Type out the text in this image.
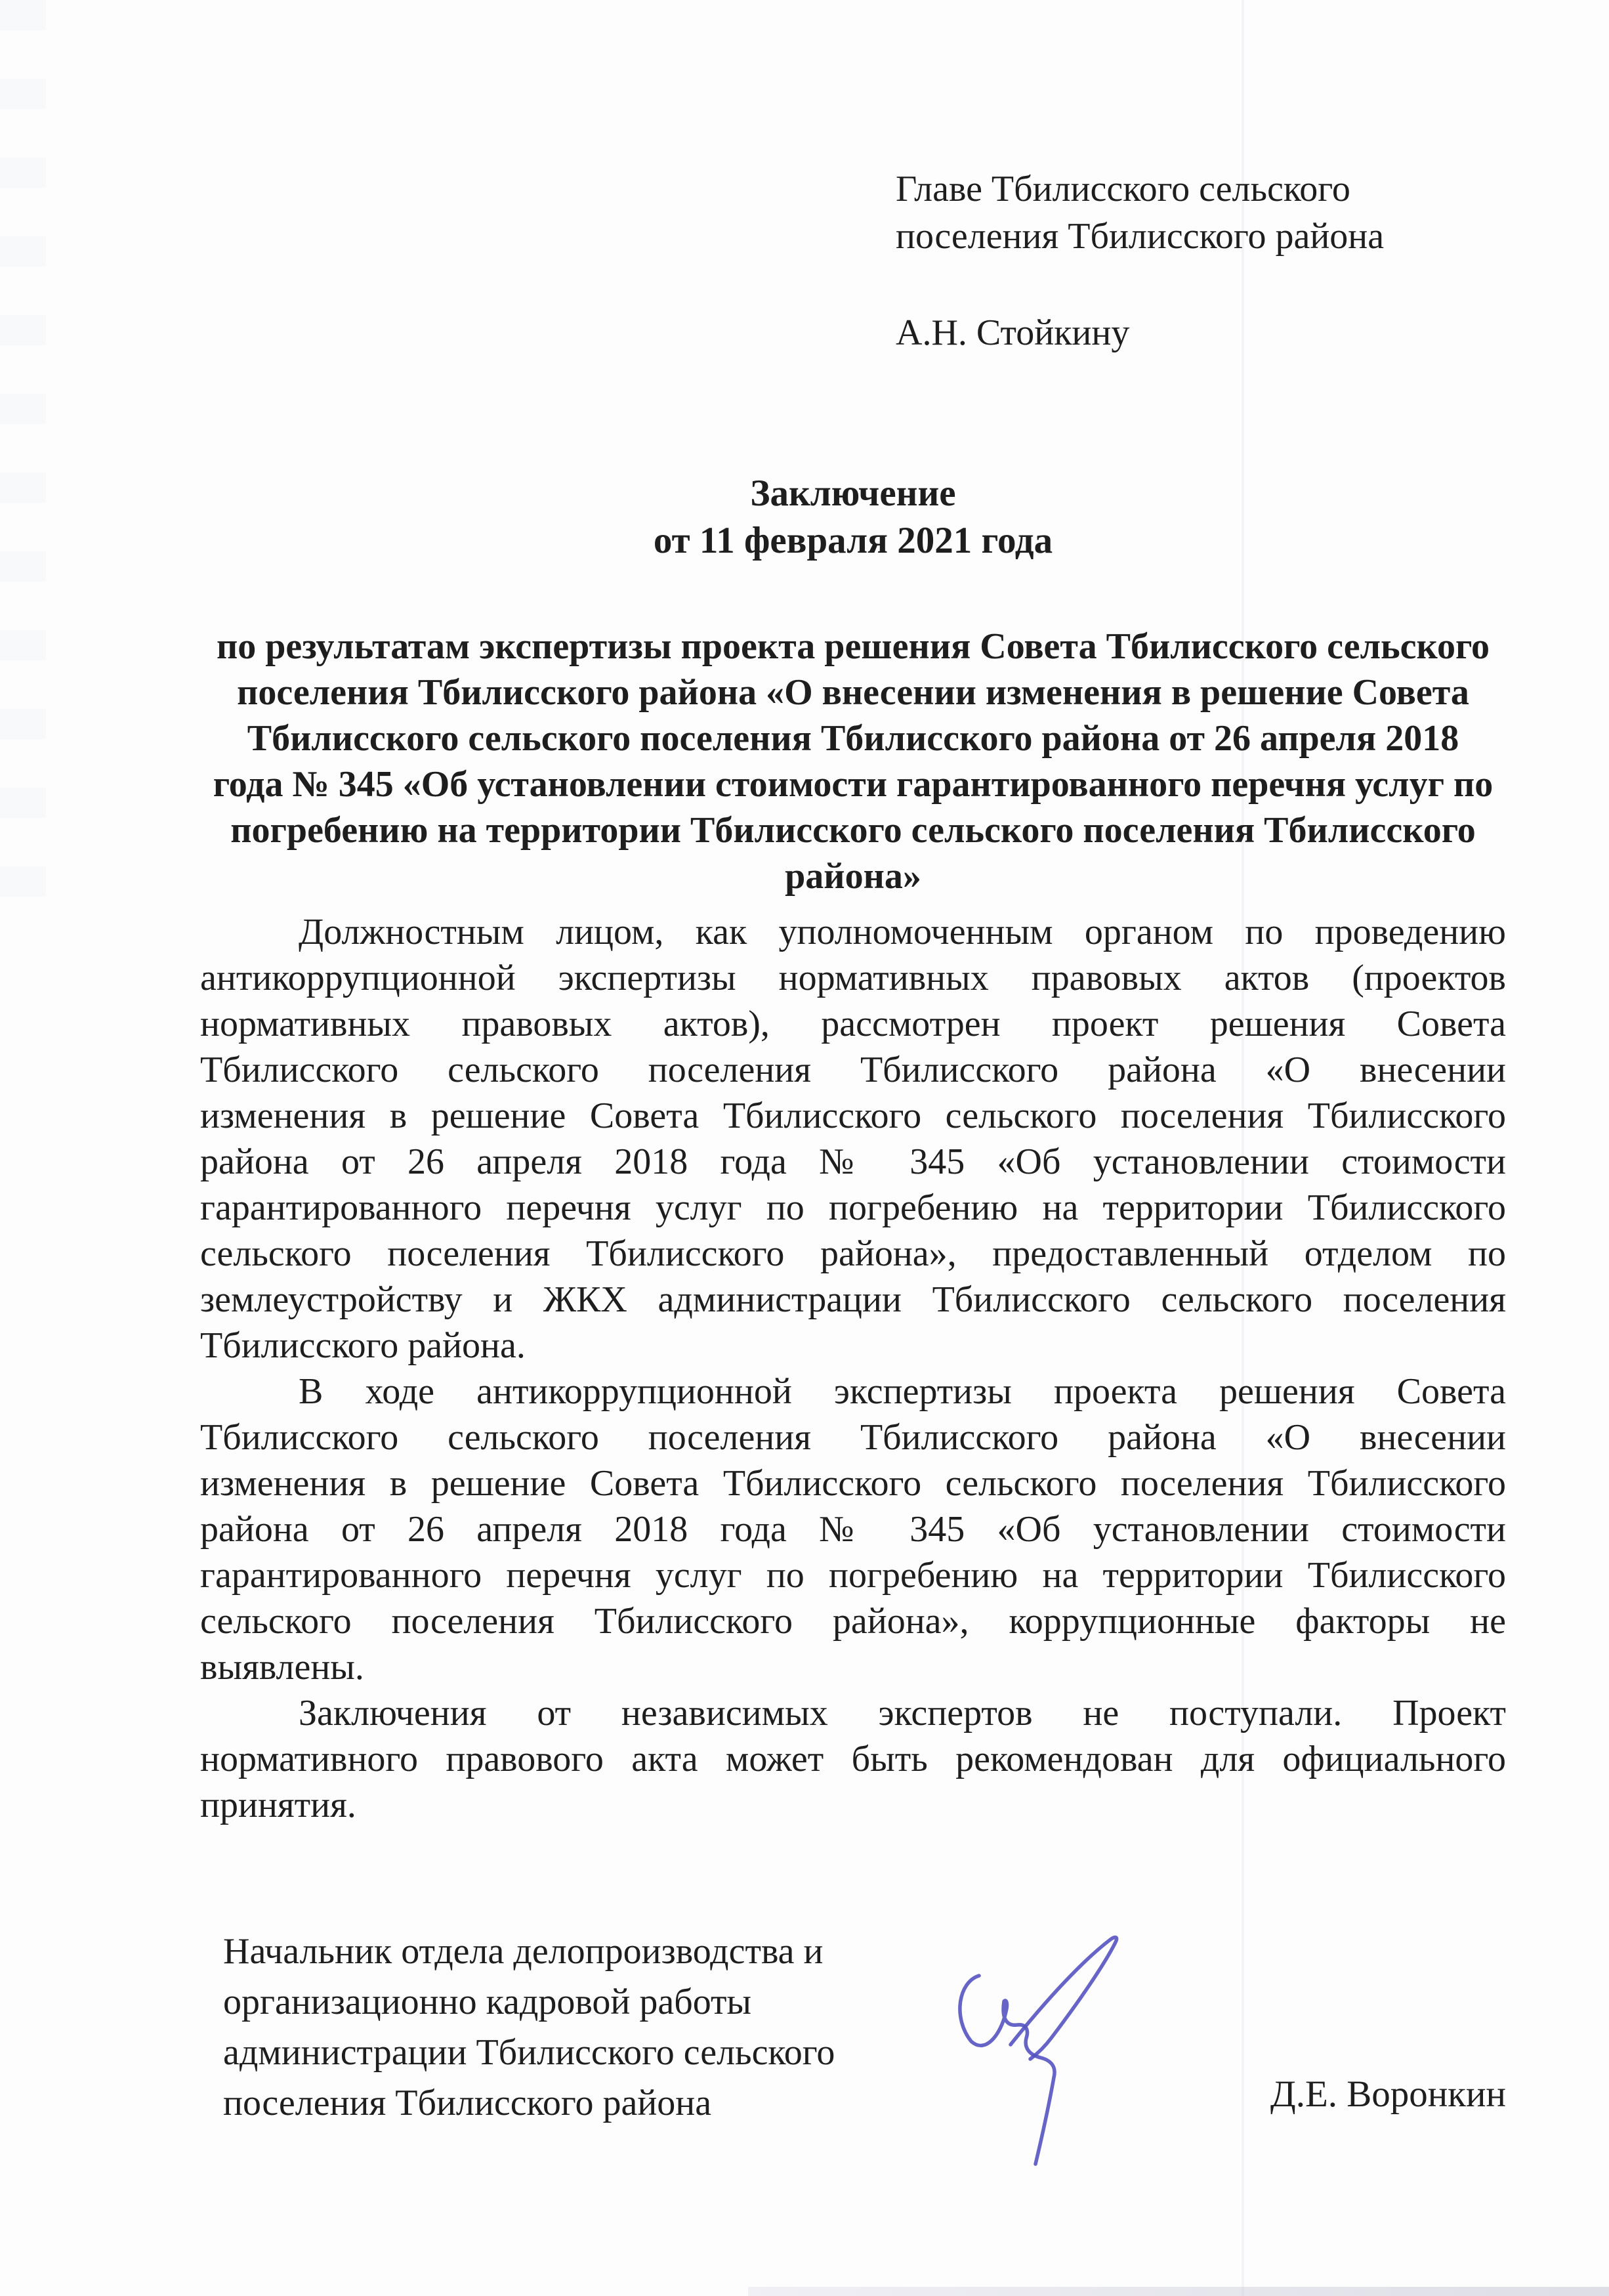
Главе Тбилисского сельского
поселения Тбилисского района
А.Н. Стойкину
Заключение
от 11 февраля 2021 года
по результатам экспертизы проекта решения Совета Тбилисского сельского
поселения Тбилисского района «О внесении изменения в решение Совета
Тбилисского сельского поселения Тбилисского района от 26 апреля 2018
года № 345 «Об установлении стоимости гарантированного перечня услуг по
погребению на территории Тбилисского сельского поселения Тбилисского
района»
Должностным лицом, как уполномоченным органом по проведению
антикоррупционной экспертизы нормативных правовых актов (проектов
нормативных правовых актов), рассмотрен проект решения Совета
Тбилисского сельского поселения Тбилисского района «О внесении
изменения в решение Совета Тбилисского сельского поселения Тбилисского
района от 26 апреля 2018 года № 345 «Об установлении стоимости
гарантированного перечня услуг по погребению на территории Тбилисского
сельского поселения Тбилисского района», предоставленный отделом по
землеустройству и ЖКХ администрации Тбилисского сельского поселения
Тбилисского района.
В ходе антикоррупционной экспертизы проекта решения Совета
Тбилисского сельского поселения Тбилисского района «О внесении
изменения в решение Совета Тбилисского сельского поселения Тбилисского
района от 26 апреля 2018 года № 345 «Об установлении стоимости
гарантированного перечня услуг по погребению на территории Тбилисского
сельского поселения Тбилисского района», коррупционные факторы не
выявлены.
Заключения от независимых экспертов не поступали. Проект
нормативного правового акта может быть рекомендован для официального
принятия.
Начальник отдела делопроизводства и
организационно кадровой работы
администрации Тбилисского сельского
поселения Тбилисского района	Д.Е. Воронкин
